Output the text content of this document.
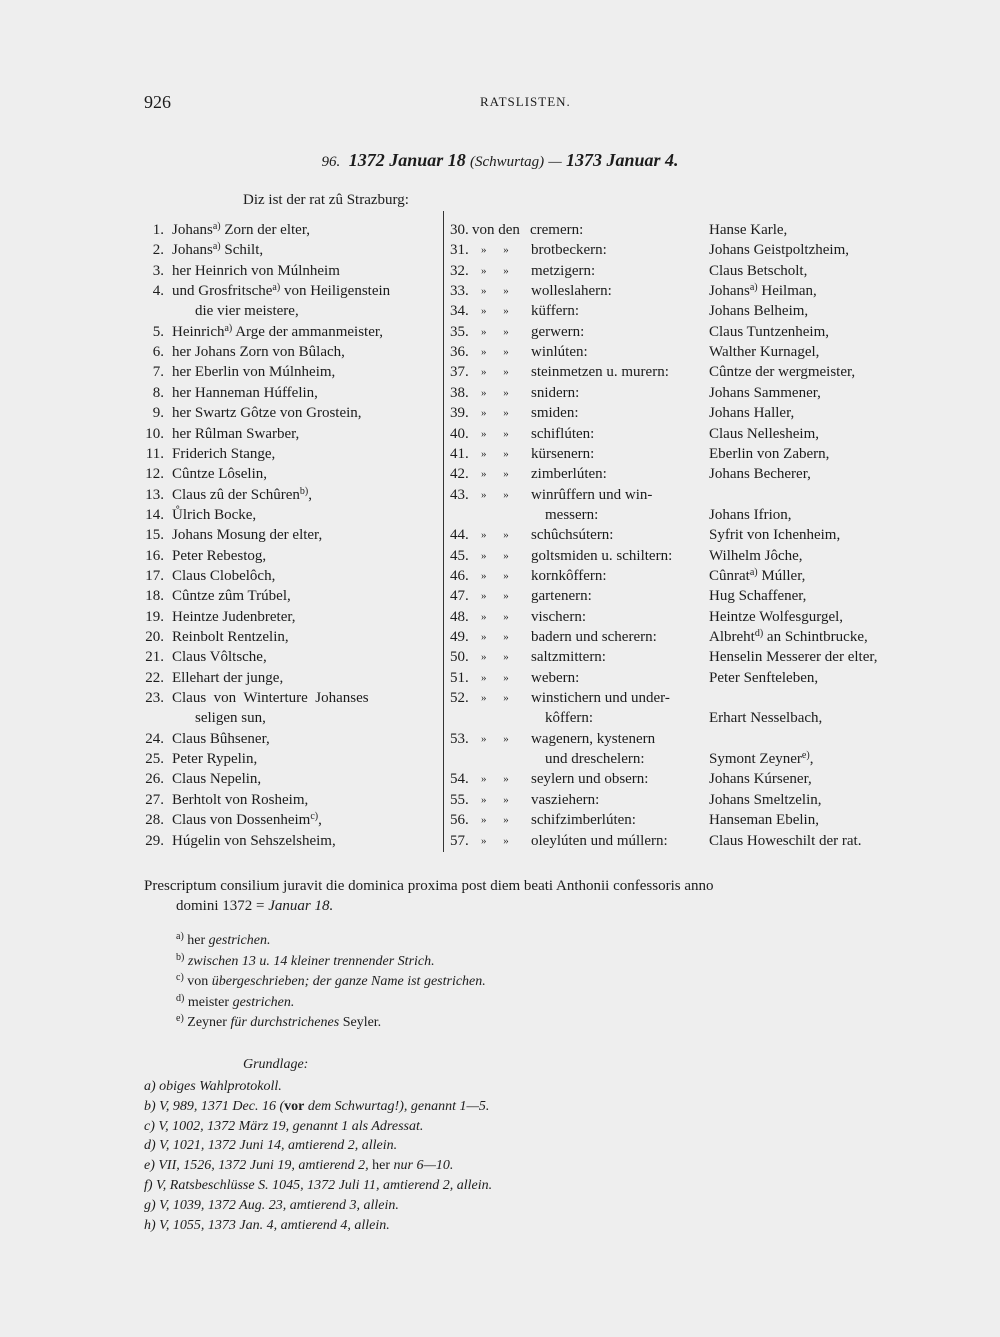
926	RATSLISTEN.
96. 1372 Januar 18 (Schwurtag) — 1373 Januar 4.
Diz ist der rat zû Strazburg:
1. Johans$^{a)}$ Zorn der elter,
2. Johans$^{a)}$ Schilt,
3. her Heinrich von Múlnheim
4. und Grosfritsche$^{a)}$ von Heiligenstein
die vier meistere,
5. Heinrich$^{a)}$ Arge der ammanmeister,
6. her Johans Zorn von Bûlach,
7. her Eberlin von Múlnheim,
8. her Hanneman Húffelin,
9. her Swartz Gôtze von Grostein,
10. her Rûlman Swarber,
11. Friderich Stange,
12. Cûntze Lôselin,
13. Claus zû der Schûren$^{b)}$,
14. Ůlrich Bocke,
15. Johans Mosung der elter,
16. Peter Rebestog,
17. Claus Clobelôch,
18. Cûntze zûm Trúbel,
19. Heintze Judenbreter,
20. Reinbolt Rentzelin,
21. Claus Vôltsche,
22. Ellehart der junge,
23. Claus  von  Winterture  Johanses
seligen sun,
24. Claus Bûhsener,
25. Peter Rypelin,
26. Claus Nepelin,
27. Berhtolt von Rosheim,
28. Claus von Dossenheim$^{c)}$,
29. Húgelin von Sehszelsheim,
30. von den cremern:	Hanse Karle,
31. » » brotbeckern:	Johans Geistpoltzheim,
32. » » metzigern:	Claus Betscholt,
33. » » wolleslahern:	Johans$^{a)}$ Heilman,
34. » » küffern:	Johans Belheim,
35. » » gerwern:	Claus Tuntzenheim,
36. » » winlúten:	Walther Kurnagel,
37. » » steinmetzen u. murern:	Cûntze der wergmeister,
38. » » snidern:	Johans Sammener,
39. » » smiden:	Johans Haller,
40. » » schiflúten:	Claus Nellesheim,
41. » » kürsenern:	Eberlin von Zabern,
42. » » zimberlúten:	Johans Becherer,
43. » » winrûffern und win-
messern:	Johans Ifrion,
44. » » schûchsútern:	Syfrit von Ichenheim,
45. » » goltsmiden u. schiltern: Wilhelm Jôche,
46. » » kornkôffern:	Cûnrat$^{a)}$ Múller,
47. » » gartenern:	Hug Schaffener,
48. » » vischern:	Heintze Wolfesgurgel,
49. » » badern und scherern:	Albreht$^{d)}$ an Schintbrucke,
50. » » saltzmittern:	Henselin Messerer der elter,
51. » » webern:	Peter Senfteleben,
52. » » winstichern und under-
kôffern:	Erhart Nesselbach,
53. » » wagenern, kystenern
und dreschelern:	Symont Zeyner$^{e)}$,
54. » » seylern und obsern:	Johans Kúrsener,
55. » » vasziehern:	Johans Smeltzelin,
56. » » schifzimberlúten:	Hanseman Ebelin,
57. » » oleylúten und múllern:	Claus Howeschilt der rat.
Prescriptum consilium juravit die dominica proxima post diem beati Anthonii confessoris anno
domini 1372 = Januar 18.
$^{a)}$ her gestrichen.
$^{b)}$ zwischen 13 u. 14 kleiner trennender Strich.
$^{c)}$ von übergeschrieben; der ganze Name ist gestrichen.
$^{d)}$ meister gestrichen.
$^{e)}$ Zeyner für durchstrichenes Seyler.
Grundlage:
a) obiges Wahlprotokoll.
b) V, 989, 1371 Dec. 16 (vor dem Schwurtag!), genannt 1—5.
c) V, 1002, 1372 März 19, genannt 1 als Adressat.
d) V, 1021, 1372 Juni 14, amtierend 2, allein.
e) VII, 1526, 1372 Juni 19, amtierend 2, her nur 6—10.
f) V, Ratsbeschlüsse S. 1045, 1372 Juli 11, amtierend 2, allein.
g) V, 1039, 1372 Aug. 23, amtierend 3, allein.
h) V, 1055, 1373 Jan. 4, amtierend 4, allein.
